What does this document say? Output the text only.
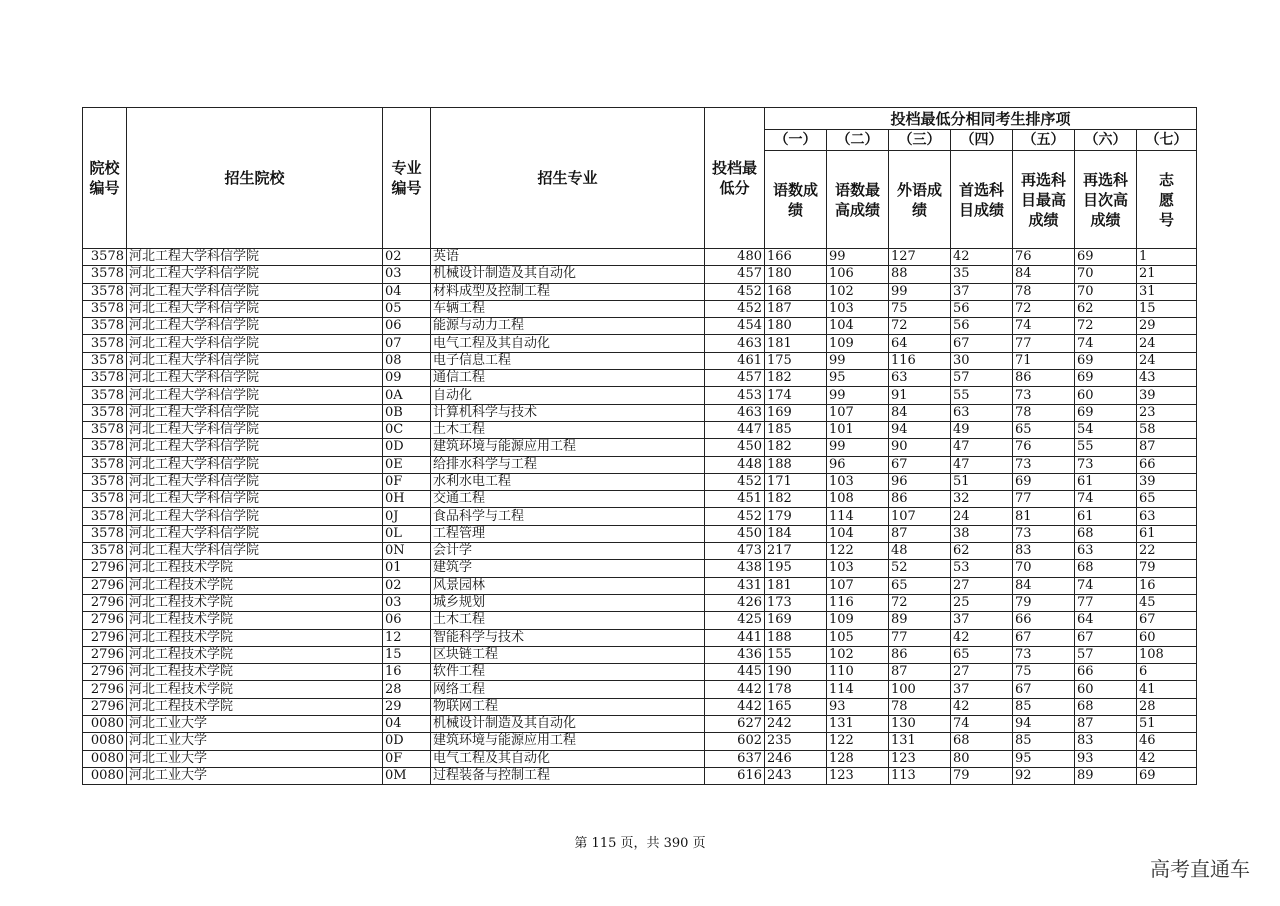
院校编号	招生院校	专业编号	招生专业	投档最低分	投档最低分相同考生排序项						
					（一）	（二）	（三）	（四）	（五）	（六）	（七）
					语数成绩	语数最高成绩	外语成绩	首选科目成绩	再选科目最高成绩	再选科目次高成绩	志愿号
3578	河北工程大学科信学院	02	英语	480	166	99	127	42	76	69	1
3578	河北工程大学科信学院	03	机械设计制造及其自动化	457	180	106	88	35	84	70	21
3578	河北工程大学科信学院	04	材料成型及控制工程	452	168	102	99	37	78	70	31
3578	河北工程大学科信学院	05	车辆工程	452	187	103	75	56	72	62	15
3578	河北工程大学科信学院	06	能源与动力工程	454	180	104	72	56	74	72	29
3578	河北工程大学科信学院	07	电气工程及其自动化	463	181	109	64	67	77	74	24
3578	河北工程大学科信学院	08	电子信息工程	461	175	99	116	30	71	69	24
3578	河北工程大学科信学院	09	通信工程	457	182	95	63	57	86	69	43
3578	河北工程大学科信学院	0A	自动化	453	174	99	91	55	73	60	39
3578	河北工程大学科信学院	0B	计算机科学与技术	463	169	107	84	63	78	69	23
3578	河北工程大学科信学院	0C	土木工程	447	185	101	94	49	65	54	58
3578	河北工程大学科信学院	0D	建筑环境与能源应用工程	450	182	99	90	47	76	55	87
3578	河北工程大学科信学院	0E	给排水科学与工程	448	188	96	67	47	73	73	66
3578	河北工程大学科信学院	0F	水利水电工程	452	171	103	96	51	69	61	39
3578	河北工程大学科信学院	0H	交通工程	451	182	108	86	32	77	74	65
3578	河北工程大学科信学院	0J	食品科学与工程	452	179	114	107	24	81	61	63
3578	河北工程大学科信学院	0L	工程管理	450	184	104	87	38	73	68	61
3578	河北工程大学科信学院	0N	会计学	473	217	122	48	62	83	63	22
2796	河北工程技术学院	01	建筑学	438	195	103	52	53	70	68	79
2796	河北工程技术学院	02	风景园林	431	181	107	65	27	84	74	16
2796	河北工程技术学院	03	城乡规划	426	173	116	72	25	79	77	45
2796	河北工程技术学院	06	土木工程	425	169	109	89	37	66	64	67
2796	河北工程技术学院	12	智能科学与技术	441	188	105	77	42	67	67	60
2796	河北工程技术学院	15	区块链工程	436	155	102	86	65	73	57	108
2796	河北工程技术学院	16	软件工程	445	190	110	87	27	75	66	6
2796	河北工程技术学院	28	网络工程	442	178	114	100	37	67	60	41
2796	河北工程技术学院	29	物联网工程	442	165	93	78	42	85	68	28
0080	河北工业大学	04	机械设计制造及其自动化	627	242	131	130	74	94	87	51
0080	河北工业大学	0D	建筑环境与能源应用工程	602	235	122	131	68	85	83	46
0080	河北工业大学	0F	电气工程及其自动化	637	246	128	123	80	95	93	42
0080	河北工业大学	0M	过程装备与控制工程	616	243	123	113	79	92	89	69
第 115 页，共 390 页
高考直通车
